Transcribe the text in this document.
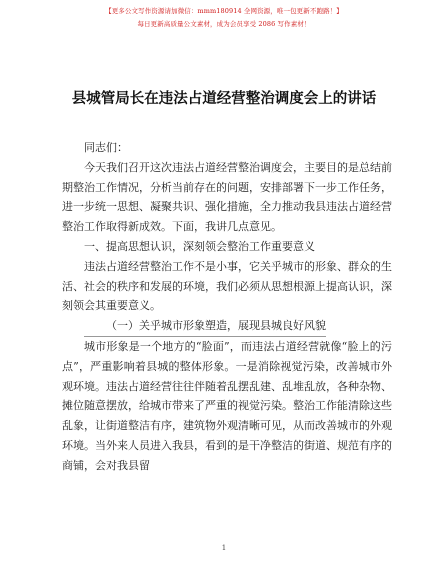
【更多公文写作资源请加微信：mmm180914 全网资源，唯一包更新不跑路！】
每日更新高质量公文素材，成为会员享受 2086 写作素材！
县城管局长在违法占道经营整治调度会上的讲话

同志们：

今天我们召开这次违法占道经营整治调度会，主要目的是总结前期整治工作情况，分析当前存在的问题，安排部署下一步工作任务，进一步统一思想、凝聚共识、强化措施，全力推动我县违法占道经营整治工作取得新成效。下面，我讲几点意见。

一、提高思想认识，深刻领会整治工作重要意义

违法占道经营整治工作不是小事，它关乎城市的形象、群众的生活、社会的秩序和发展的环境，我们必须从思想根源上提高认识，深刻领会其重要意义。

（一）关乎城市形象塑造，展现县城良好风貌

城市形象是一个地方的“脸面”，而违法占道经营就像“脸上的污点”，严重影响着县城的整体形象。一是消除视觉污染，改善城市外观环境。违法占道经营往往伴随着乱摆乱建、乱堆乱放，各种杂物、摊位随意摆放，给城市带来了严重的视觉污染。整治工作能清除这些乱象，让街道整洁有序，建筑物外观清晰可见，从而改善城市的外观环境。当外来人员进入我县，看到的是干净整洁的街道、规范有序的商铺，会对我县留

1
